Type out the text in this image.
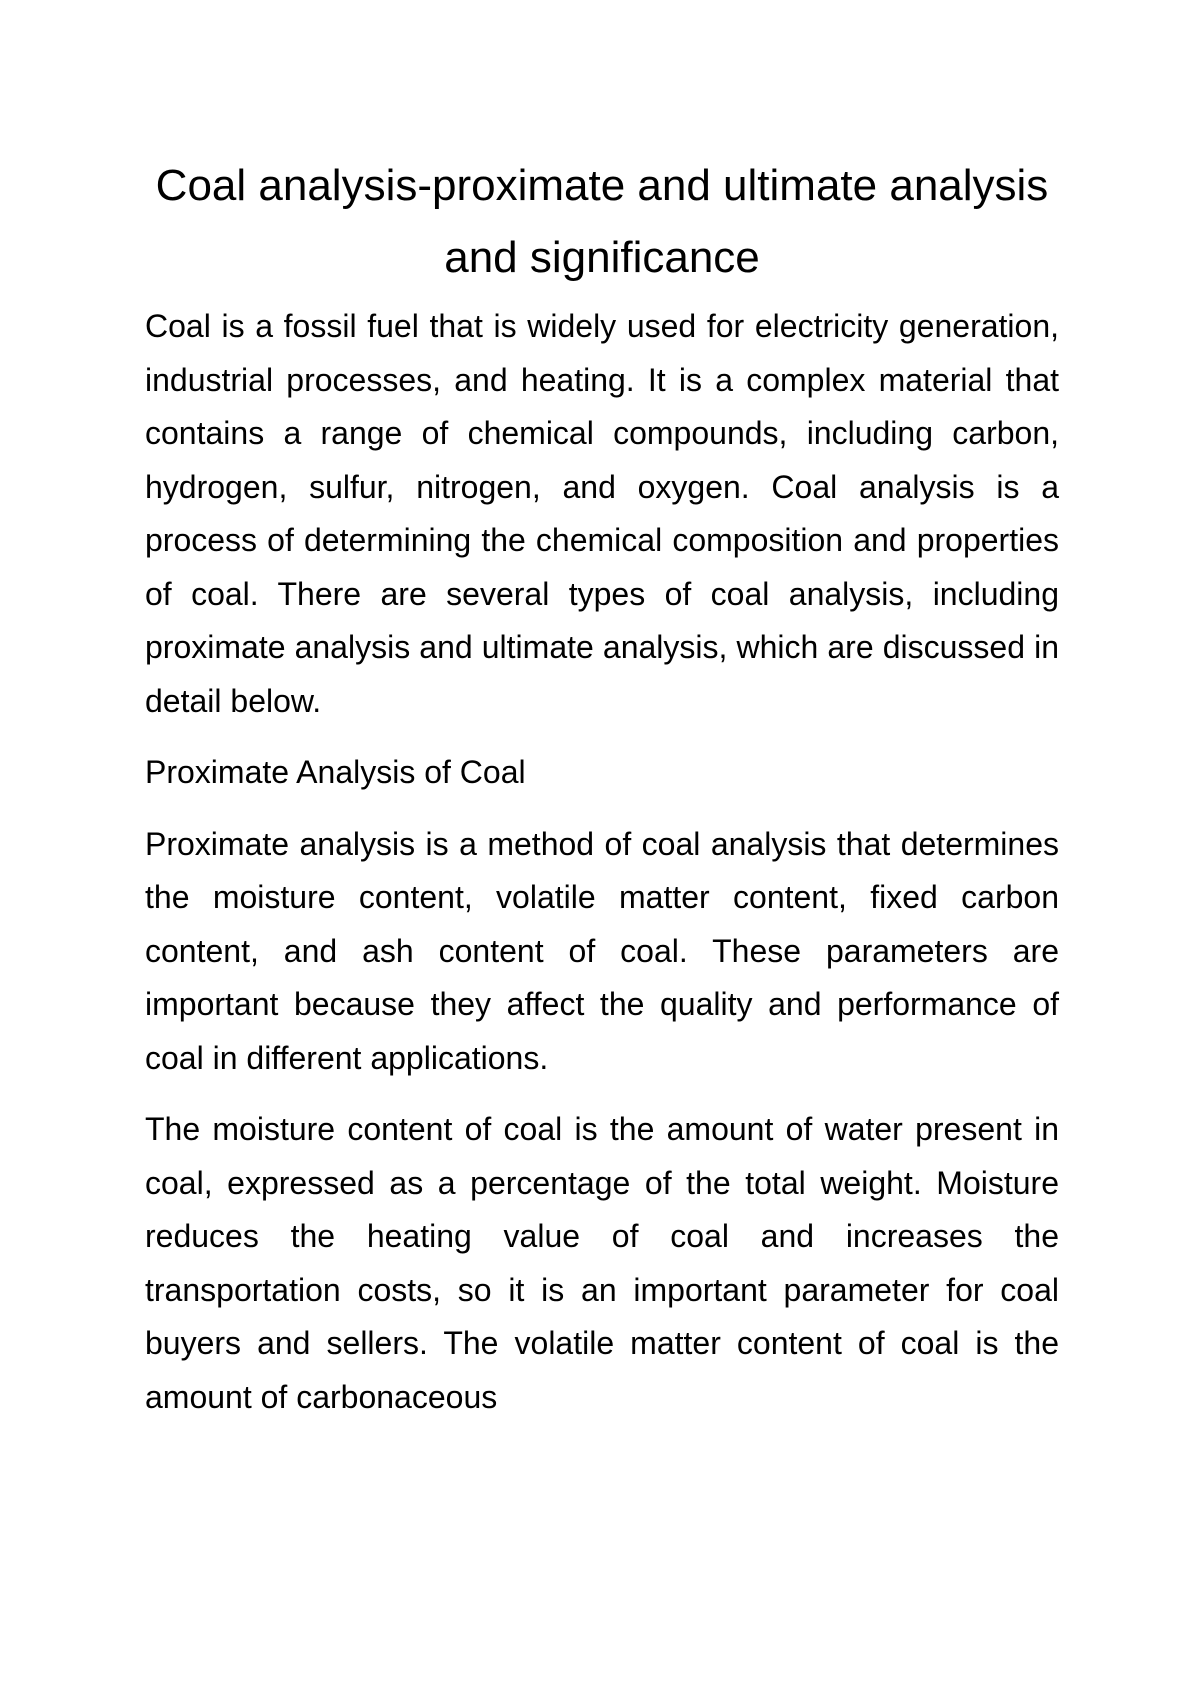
Coal analysis-proximate and ultimate analysis and significance

Coal is a fossil fuel that is widely used for electricity generation, industrial processes, and heating. It is a complex material that contains a range of chemical compounds, including carbon, hydrogen, sulfur, nitrogen, and oxygen. Coal analysis is a process of determining the chemical composition and properties of coal. There are several types of coal analysis, including proximate analysis and ultimate analysis, which are discussed in detail below.

Proximate Analysis of Coal

Proximate analysis is a method of coal analysis that determines the moisture content, volatile matter content, fixed carbon content, and ash content of coal. These parameters are important because they affect the quality and performance of coal in different applications.

The moisture content of coal is the amount of water present in coal, expressed as a percentage of the total weight. Moisture reduces the heating value of coal and increases the transportation costs, so it is an important parameter for coal buyers and sellers. The volatile matter content of coal is the amount of carbonaceous
